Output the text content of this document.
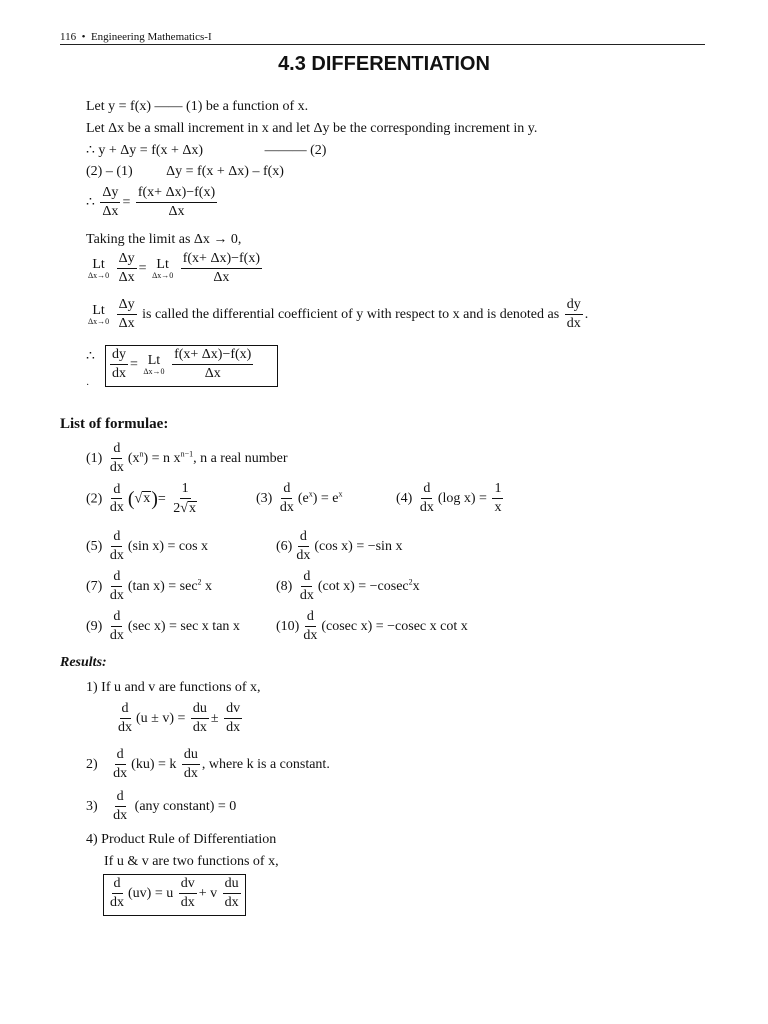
116 • Engineering Mathematics-I
4.3 DIFFERENTIATION
Let y = f(x) —— (1) be a function of x.
Let Δx be a small increment in x and let Δy be the corresponding increment in y.
∴ y + Δy = f(x + Δx)	——— (2)
(2) – (1) Δy = f(x + Δx) – f(x)
∴ $\frac{\Delta y}{\Delta x} = \frac{f(x+ \Delta x)-f(x)}{\Delta x}$
Taking the limit as Δx → 0,
Lt
Δx→0
$\frac{\Delta y}{\Delta x} = Lt$
Δx→0
$\frac{f(x+ \Delta x)-f(x)}{\Delta x}$
Lt
Δx→0
$\frac{\Delta y}{\Delta x}$ is called the differential coefficient of y with respect to x and is denoted as $\frac{dy}{dx}$ .
∴ $\frac{dy}{dx} = Lt$
Δx→0
$\frac{f(x+ \Delta x)-f(x)}{\Delta x}$
·
List of formulae:
$(1) \frac{d}{dx} (x^n) = n$ $x^{n-1}$, n a real number
$(2) \frac{d}{dx} (√x)= \frac{1}{2√x}$	$(3) \frac{d}{dx} (e^x) = e^x$	$(4) \frac{d}{dx} (\log$ $x) = \frac{1}{x}$
$(5) \frac{d}{dx} (\sin$ x) = cos x	$(6) \frac{d}{dx} (\cos$ x) = −sin x
$(7) \frac{d}{dx} (\tan$ $x) = \sec^2 x$	$(8) \frac{d}{dx} (\cot$ x) = −cosec$^2$x
$(9) \frac{d}{dx} (\sec$ x) = sec x tan x	$(10) \frac{d}{dx} (cosec$ x) = −cosec x cot x
Results:
1) If u and v are functions of x,
$\frac{d}{dx} (u \pm v) = \frac{du}{dx} \pm \frac{dv}{dx}$
$2) \frac{d}{dx} (ku) = k \frac{du}{dx}$ , where k is a constant.
$3) \frac{d}{dx} (any$ constant) = 0
4) Product Rule of Differentiation
If u & v are two functions of x,
$\frac{d}{dx} (uv) = u \frac{dv}{dx} + v \frac{du}{dx}$
